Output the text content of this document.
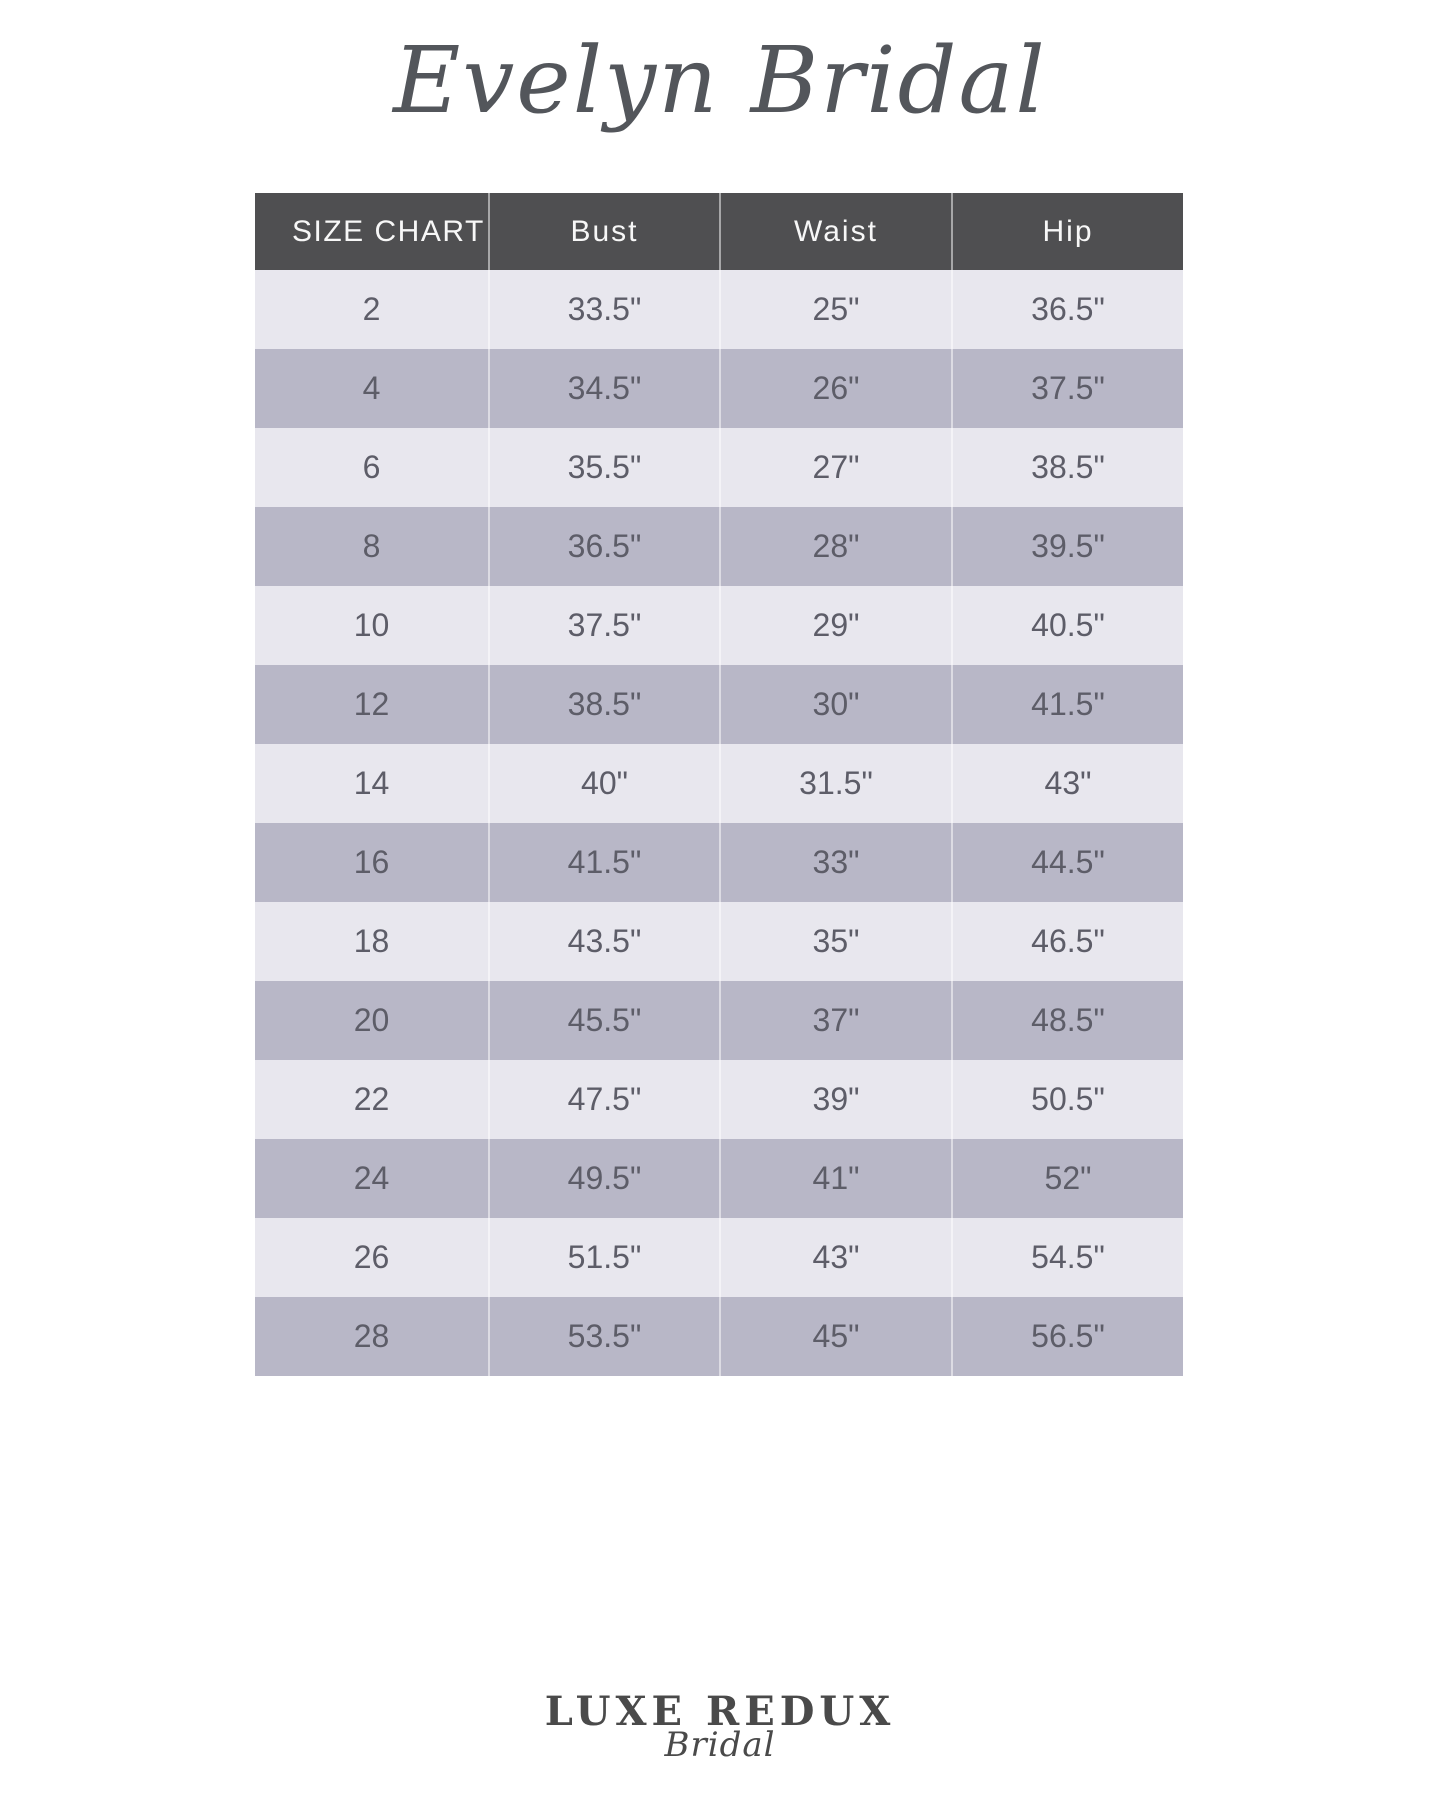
Evelyn Bridal
SIZE CHART	Bust	Waist	Hip
2	33.5"	25"	36.5"
4	34.5"	26"	37.5"
6	35.5"	27"	38.5"
8	36.5"	28"	39.5"
10	37.5"	29"	40.5"
12	38.5"	30"	41.5"
14	40"	31.5"	43"
16	41.5"	33"	44.5"
18	43.5"	35"	46.5"
20	45.5"	37"	48.5"
22	47.5"	39"	50.5"
24	49.5"	41"	52"
26	51.5"	43"	54.5"
28	53.5"	45"	56.5"
LUXE REDUX
Bridal
